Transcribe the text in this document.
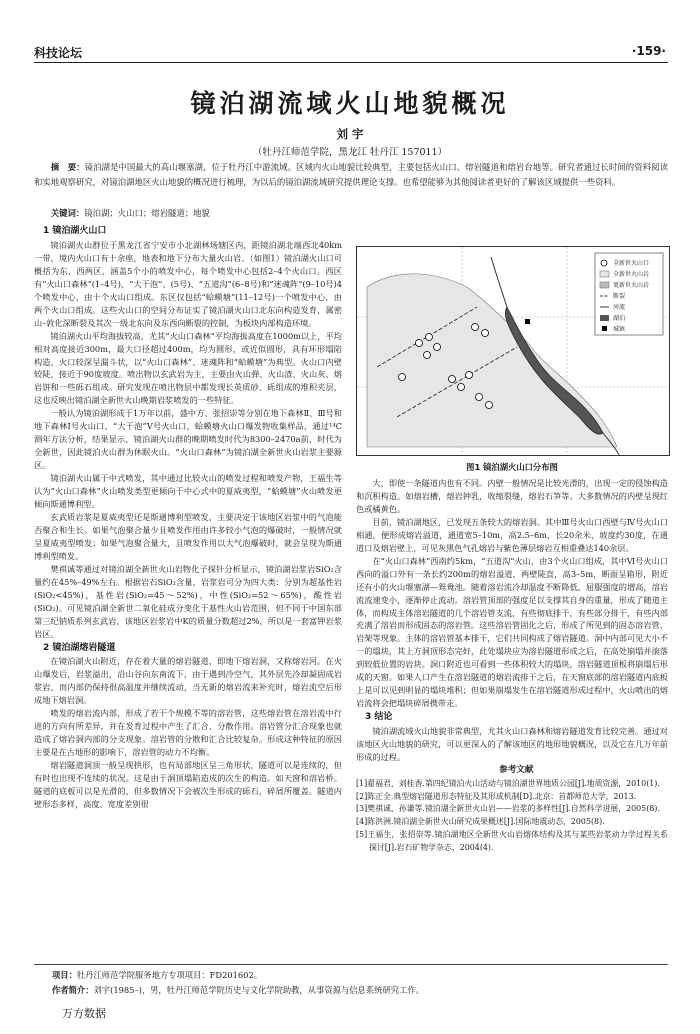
科技论坛	·159·
镜泊湖流域火山地貌概况
刘 宇
（牡丹江师范学院，黑龙江 牡丹江 157011）
摘　要：镜泊湖是中国最大的高山堰塞湖，位于牡丹江中游流域。区域内火山地貌比较典型，主要包括火山口、熔岩隧道和熔岩台地等。研究者通过长时间的资料阅读和实地观察研究，对镜泊湖地区火山地貌的概况进行梳理，为以后的镜泊湖流域研究提供理论支撑。也希望能够为其他阅读者更好的了解该区域提供一些资料。
关键词：镜泊湖；火山口；熔岩隧道；地貌
1 镜泊湖火山口

镜泊湖火山群位于黑龙江省宁安市小北湖林场辖区内，距镜泊湖北端西北40km一带，境内火山口有十余座，地表和地下分布大量火山岩。（如图1）镜泊湖火山口可概括为东、西两区，涵盖5个小的喷发中心，每个喷发中心包括2–4个火山口。西区有“火山口森林”(1–4号)、“大干泡”、(5号)、“五道沟”(6–8号)和“迷魂阵”(9–10号)4个喷发中心，由十个火山口组成。东区仅包括“蛤蟆塘”(11–12号)一个喷发中心，由两个火山口组成。这些火山口的空间分布证实了镜泊湖火山口北东向构造发育，属密山–敦化深断裂及其次一级北东向及东西向断裂的控制，为板块内部构造环境。

镜泊湖火山平均海拔较高，尤其“火山口森林”平均海拔高度在1000m以上，平均相对高度接近300m，最大口径超过400m，均为圆形，或近似圆形，具有环形塌陷构造，火口较深呈漏斗状，以“火山口森林”、迷魂阵和“蛤蟆塘”为典型。火山口内壁较陡，接近于90度坡度。喷出物以玄武岩为主，主要由火山弹、火山渣、火山灰、熔岩饼和一些砾石组成。研究发现在喷出物层中都发现长英质砂、砾组成的堆积夹层，这也反映出镜泊湖全新世火山晚期岩浆喷发的一些特征。

一般认为镜泊湖形成于1万年以前，盛中方、张招崇等分别在地下森林Ⅱ、Ⅲ号和地下森林Ⅰ号火山口、“大干泡”Ⅴ号火山口，蛤蟆塘火山口爆发物收集样品，通过¹⁴C测年方法分析，结果显示，镜泊湖火山群的晚期喷发时代为8300–2470a前，时代为全新世，因此镜泊火山群为休眠火山。“火山口森林”为镜泊湖全新世火山岩浆主要源区。

镜泊湖火山属于中式喷发，其中通过比较火山的喷发过程和喷发产物，王福生等认为“火山口森林”火山喷发类型更倾向于中心式中的夏威夷型，“蛤蟆塘”火山喷发更倾向斯通博利型。

玄武质岩浆是夏威夷型还是斯通博利型喷发，主要决定于该地区岩浆中的气泡能否聚合和生长。如果气泡聚合量少且喷发作用由许多较小气泡的爆破时，一般情况就呈夏威夷型喷发；如果气泡聚合量大，且喷发作用以大气泡爆破时，就会呈现为斯通博利型喷发。

樊祺诚等通过对镜泊湖全新世火山岩物化子探针分析显示，镜泊湖岩浆岩SiO₂含量约在45%–49%左右。根据岩石SiO₂含量，岩浆岩可分为四大类：分别为超基性岩(SiO₂<45%)，基性岩(SiO₂=45～52%)，中性(SiO₂=52～65%)，酸性岩(SiO₂)。可见镜泊湖全新世二氧化硅成分变化于基性火山岩范围，但不同于中国东部第三纪钠质系列玄武岩，该地区岩浆岩中K的质量分数超过2%，所以是一套富钾岩浆岩区。

2 镜泊湖熔岩隧道

在镜泊湖火山附近，存在着大量的熔岩隧道，即地下熔岩洞，又称熔岩河。在火山爆发后，岩浆溢出，沿山谷向东南流下，由于遇到冷空气，其外层先冷却凝固成岩浆岩，而内部仍保持很高温度并继续流动，当无新的熔岩流来补充时，熔岩流空后形成地下熔岩洞。

喷发的熔岩流内部，形成了若干个规模不等的溶岩管，这些熔岩管在溶岩流中行进的方向有所差异，并在发育过程中产生了汇合、分散作用。溶岩管分汇合现象也就造成了熔岩洞内部的分支现象。溶岩管的分散和汇合比较复杂。形成这种特征的原因主要是在古地形的影响下，溶岩管的动力不均衡。

熔岩隧道洞顶一般呈现拱形，也有局部地区呈三角形状，隧道可以是连续的，但有时也出现不连续的状况。这是由于洞顶塌陷造成的次生的构造。如天窗和溶岩桥。隧道的底板可以是光滑的，但多数情况下会被次生形成的砾石，碎屑所覆盖。隧道内壁形态多样，高度、宽度差别很

全新世火山口
全新世火山岩
更新世火山岩
断裂
河流
湖泊
城镇
图1 镜泊湖火山口分布图

大，即使一条隧道内也有不同。内壁一般情况是比较光滑的，出现一定的侵蚀构造和沉积构造。如熔岩槽，熔岩钟乳，收缩裂缝，熔岩石笋等。大多数情况的内壁呈现红色或橘黄色。

目前，镜泊湖地区，已发现五条较大的熔岩洞。其中Ⅲ号火山口西壁与Ⅳ号火山口相通，便形成熔岩溢道，通道宽5–10m，高2.5–6m，长20余米，坡度约30度，在通道口及熔岩壁上，可见灰黑色气孔熔岩与紫色薄层熔岩互相重叠达140余层。

在“火山口森林”西南约5km，“五道沟”火山，由3个火山口组成，其中Ⅵ号火山口西向的溢口外有一条长约200m的熔岩溢道，两壁陡直，高3–5m，断面呈箱形，附近还有小的火山堰塞湖—鸳鸯池。随着溶岩流冷却温度不断降低，屈服强度的增高，溶岩流流速变小，逐渐停止流动。溶岩管顶部的强度足以支撑其自身的重量，形成了随道主体，而构成主体溶岩隧道的几个溶岩管支流，有些彻底排干，有些部分排干，有些内部充满了溶岩而形成固态的溶岩管。这些溶岩管固化之后，形成了所见到的固态溶岩管、岩架等现象。主体的溶岩管基本排干，它们共同构成了熔岩隧道。洞中内部可见大小不一的塌块，其上方洞顶形态完好，此处塌块应为溶岩隧道形成之后，在高处崩塌并滚落到较低位置的岩块。洞口附近也可看到一些体积较大的塌块，溶岩隧道顶板将崩塌后形成的天窗。如果人口产生在溶岩隧道的熔岩流排干之后，在天窗底部的溶岩隧道内底板上是可以见到明显的塌块堆积；但如果崩塌发生在溶岩隧道形成过程中，火山喷出的熔岩流将会把塌块碎屑携带走。

3 结论

镜泊湖流域火山地貌非常典型，尤其火山口森林和熔岩隧道发育比较完善。通过对该地区火山地貌的研究，可以更深入的了解该地区的地形地貌概况，以及它在几万年前形成的过程。

参考文献
[1]翟福君，刘桂香.第四纪镜泊火山活动与镜泊湖世界地质公园[J].地质资源，2010(1).
[2]陈正全.典型熔岩隧道形态特征及其形成机制[D].北京：首都师范大学，2013.
[3]樊祺诚，孙谦等.镜泊湖全新世火山岩——岩浆的多样性[J].自然科学进展，2005(8).
[4]陈洪洲.镜泊湖全新世火山研究成果概述[J].国际地震动态，2005(8).
[5]王福生，张招崇等.镜泊湖地区全新世火山岩熔体结构及其与某些岩浆动力学过程关系探讨[J].岩石矿物学杂志，2004(4).
项目：牡丹江师范学院服务地方专项项目：FD201602。
作者简介：刘宇(1985–)，男，牡丹江师范学院历史与文化学院助教，从事资源与信息系统研究工作。
万方数据
